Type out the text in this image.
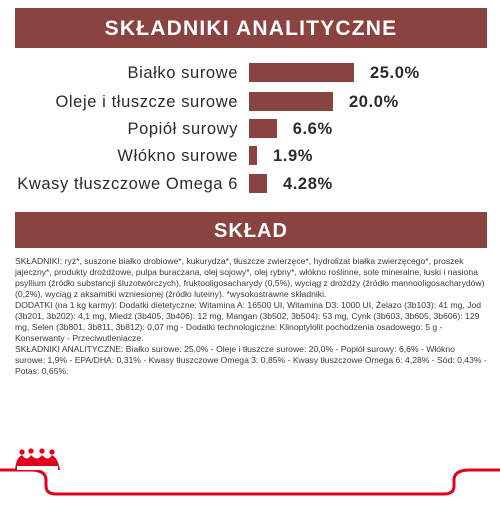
SKŁADNIKI ANALITYCZNE
Białko surowe	25.0%
Oleje i tłuszcze surowe	20.0%
Popiół surowy	6.6%
Włókno surowe 1.9%
Kwasy tłuszczowe Omega 6	4.28%
SKŁAD

SKŁADNIKI: ryż*, suszone białko drobiowe*, kukurydza*, tłuszcze zwierzęce*, hydrolizat białka zwierzęcego*, proszek jajeczny*, produkty drożdżowe, pulpa buraczana, olej sojowy*, olej rybny*, włókno roślinne, sole mineralne, łuski i nasiona psyllium (źródło substancji śluzotwórczych), fruktooligosacharydy (0,5%), wyciąg z drożdży (źródło mannooligosacharydów) (0,2%), wyciąg z aksamitki wzniesionej (źródło luteiny). *wysokostrawne składniki.

DODATKI (na 1 kg karmy): Dodatki dietetyczne: Witamina A: 16500 UI, Witamina D3: 1000 UI, Żelazo (3b103): 41 mg, Jod (3b201, 3b202): 4,1 mg, Miedź (3b405, 3b406): 12 mg, Mangan (3b502, 3b504): 53 mg, Cynk (3b603, 3b605, 3b606): 129 mg, Selen (3b801, 3b811, 3b812): 0,07 mg - Dodatki technologiczne: Klinoptylolit pochodzenia osadowego: 5 g - Konserwanty - Przeciwutleniacze.

SKŁADNIKI ANALITYCZNE: Białko surowe: 25,0% - Oleje i tłuszcze surowe: 20,0% - Popiół surowy: 6,6% - Włókno surowe: 1,9% - EPA/DHA: 0,31% - Kwasy tłuszczowe Omega 3: 0,85% - Kwasy tłuszczowe Omega 6: 4,28% - Sód: 0,43% - Potas: 0,65%.
